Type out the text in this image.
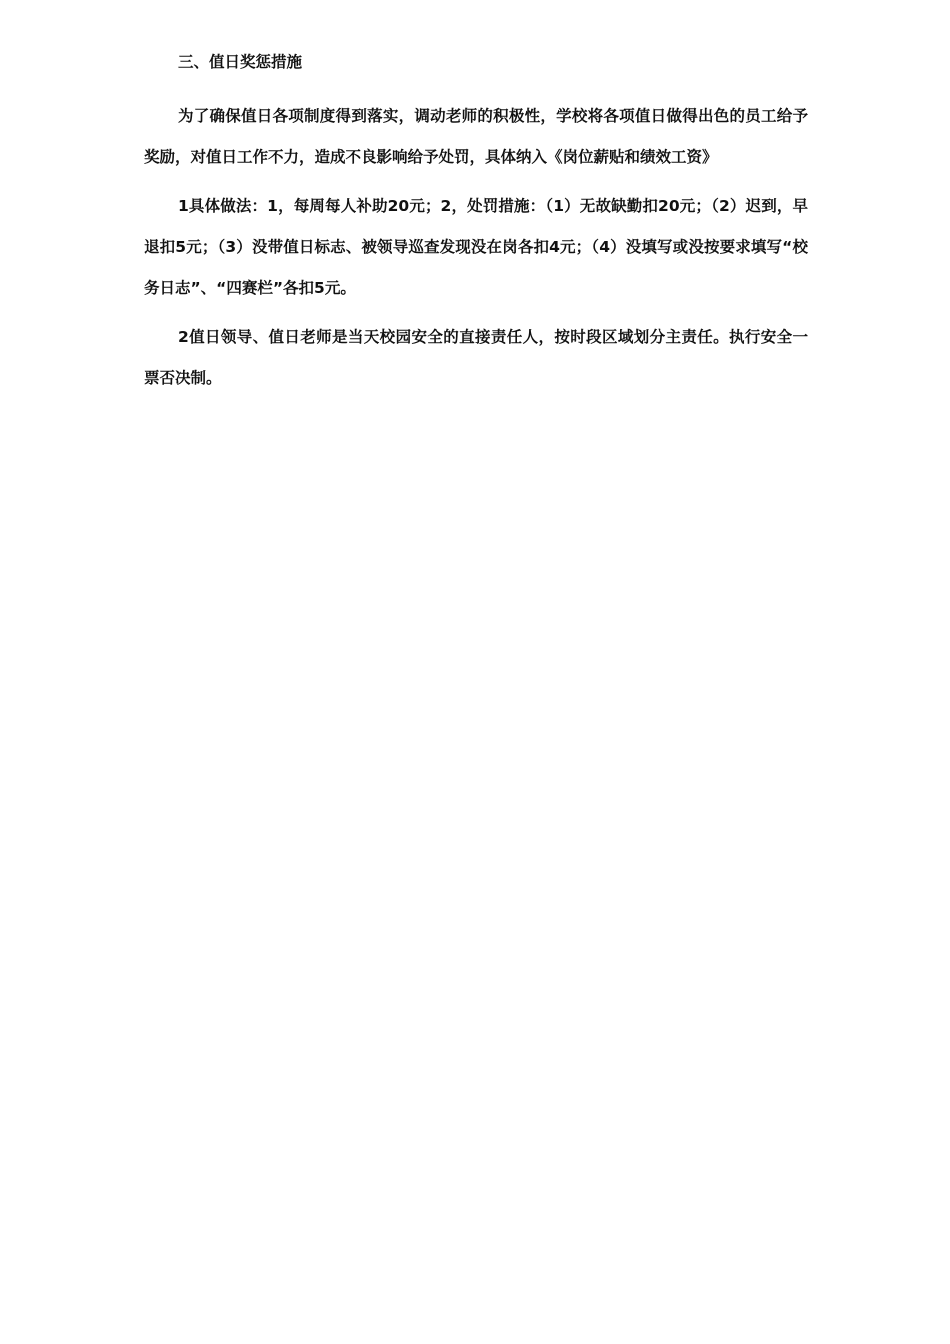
三、值日奖惩措施

为了确保值日各项制度得到落实，调动老师的积极性，学校将各项值日做得出色的员工给予奖励，对值日工作不力，造成不良影响给予处罚，具体纳入《岗位薪贴和绩效工资》

1具体做法：1，每周每人补助20元；2，处罚措施：（1）无故缺勤扣20元；（2）迟到，早退扣5元；（3）没带值日标志、被领导巡查发现没在岗各扣4元；（4）没填写或没按要求填写“校务日志”、“四赛栏”各扣5元。

2值日领导、值日老师是当天校园安全的直接责任人，按时段区域划分主责任。执行安全一票否决制。
